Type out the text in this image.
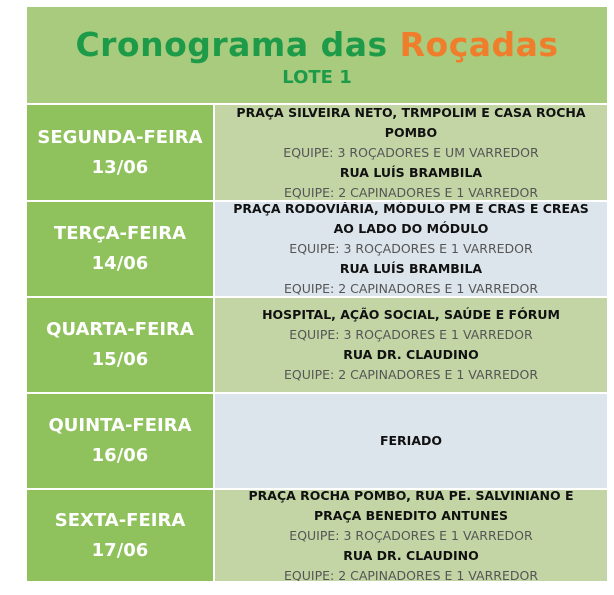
Cronograma das Roçadas
LOTE 1
SEGUNDA-FEIRA
13/06
PRAÇA SILVEIRA NETO, TRMPOLIM E CASA ROCHA POMBO
EQUIPE: 3 ROÇADORES E UM VARREDOR
RUA LUÍS BRAMBILA
EQUIPE: 2 CAPINADORES E 1 VARREDOR
TERÇA-FEIRA
14/06
PRAÇA RODOVIÁRIA, MÓDULO PM E CRAS E CREAS AO LADO DO MÓDULO
EQUIPE: 3 ROÇADORES E 1 VARREDOR
RUA LUÍS BRAMBILA
EQUIPE: 2 CAPINADORES E 1 VARREDOR
QUARTA-FEIRA
15/06
HOSPITAL, AÇÃO SOCIAL, SAÚDE E FÓRUM
EQUIPE: 3 ROÇADORES E 1 VARREDOR
RUA DR. CLAUDINO
EQUIPE: 2 CAPINADORES E 1 VARREDOR
QUINTA-FEIRA
16/06
FERIADO
SEXTA-FEIRA
17/06
PRAÇA ROCHA POMBO, RUA PE. SALVINIANO E PRAÇA BENEDITO ANTUNES
EQUIPE: 3 ROÇADORES E 1 VARREDOR
RUA DR. CLAUDINO
EQUIPE: 2 CAPINADORES E 1 VARREDOR
